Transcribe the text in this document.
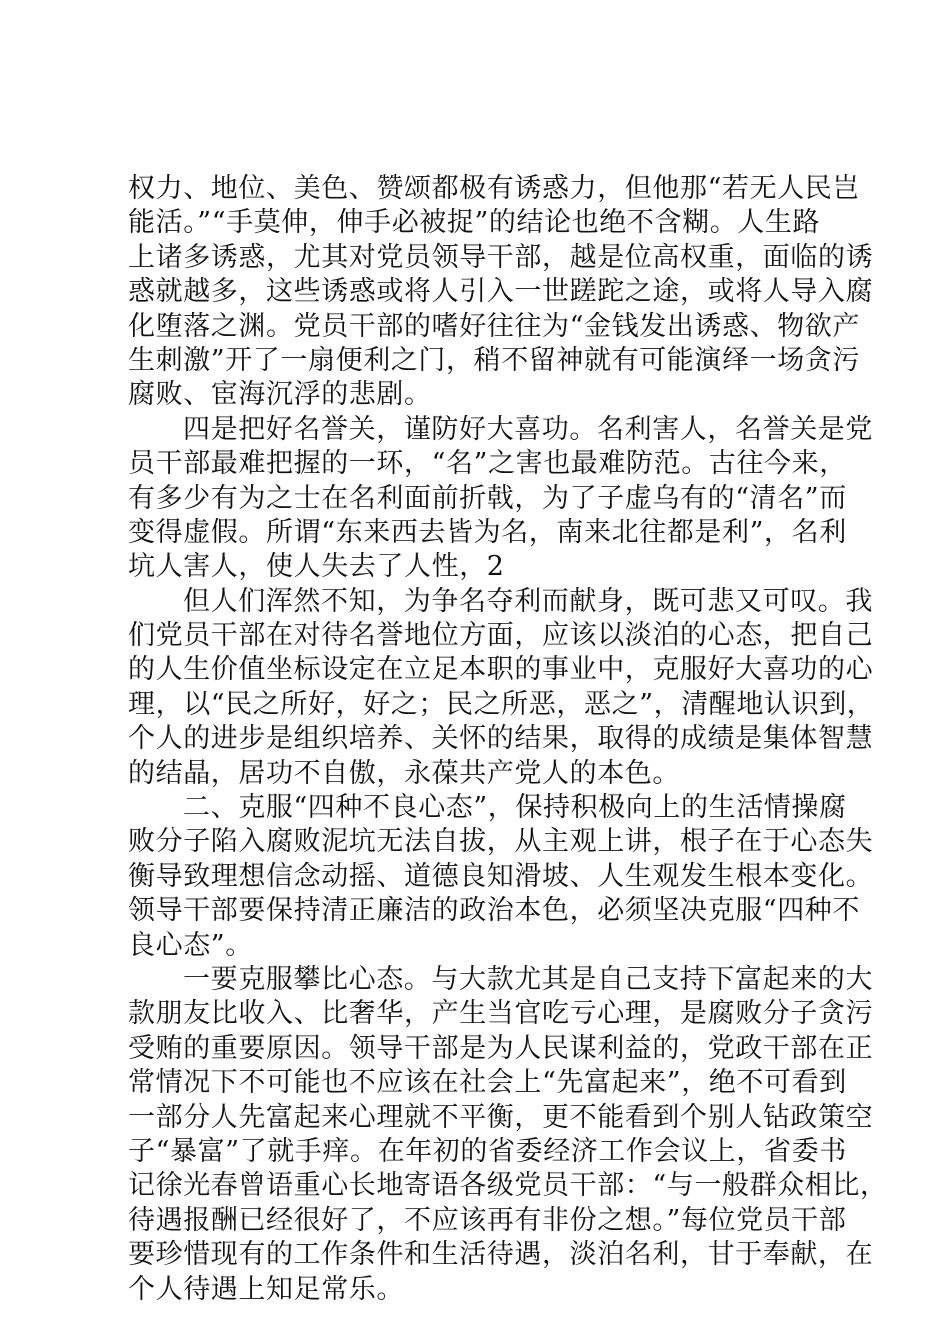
权力、地位、美色、赞颂都极有诱惑力，但他那“若无人民岂
能活。”“手莫伸，伸手必被捉”的结论也绝不含糊。人生路
上诸多诱惑，尤其对党员领导干部，越是位高权重，面临的诱
惑就越多，这些诱惑或将人引入一世蹉跎之途，或将人导入腐
化堕落之渊。党员干部的嗜好往往为“金钱发出诱惑、物欲产
生刺激”开了一扇便利之门，稍不留神就有可能演绎一场贪污
腐败、宦海沉浮的悲剧。
四是把好名誉关，谨防好大喜功。名利害人，名誉关是党
员干部最难把握的一环，“名”之害也最难防范。古往今来，
有多少有为之士在名利面前折戟，为了子虚乌有的“清名”而
变得虚假。所谓“东来西去皆为名，南来北往都是利”，名利
坑人害人，使人失去了人性，2
但人们浑然不知，为争名夺利而献身，既可悲又可叹。我
们党员干部在对待名誉地位方面，应该以淡泊的心态，把自己
的人生价值坐标设定在立足本职的事业中，克服好大喜功的心
理，以“民之所好，好之；民之所恶，恶之”，清醒地认识到，
个人的进步是组织培养、关怀的结果，取得的成绩是集体智慧
的结晶，居功不自傲，永葆共产党人的本色。
二、克服“四种不良心态”，保持积极向上的生活情操腐
败分子陷入腐败泥坑无法自拔，从主观上讲，根子在于心态失
衡导致理想信念动摇、道德良知滑坡、人生观发生根本变化。
领导干部要保持清正廉洁的政治本色，必须坚决克服“四种不
良心态”。
一要克服攀比心态。与大款尤其是自己支持下富起来的大
款朋友比收入、比奢华，产生当官吃亏心理，是腐败分子贪污
受贿的重要原因。领导干部是为人民谋利益的，党政干部在正
常情况下不可能也不应该在社会上“先富起来”，绝不可看到
一部分人先富起来心理就不平衡，更不能看到个别人钻政策空
子“暴富”了就手痒。在年初的省委经济工作会议上，省委书
记徐光春曾语重心长地寄语各级党员干部：“与一般群众相比，
待遇报酬已经很好了，不应该再有非份之想。”每位党员干部
要珍惜现有的工作条件和生活待遇，淡泊名利，甘于奉献，在
个人待遇上知足常乐。
